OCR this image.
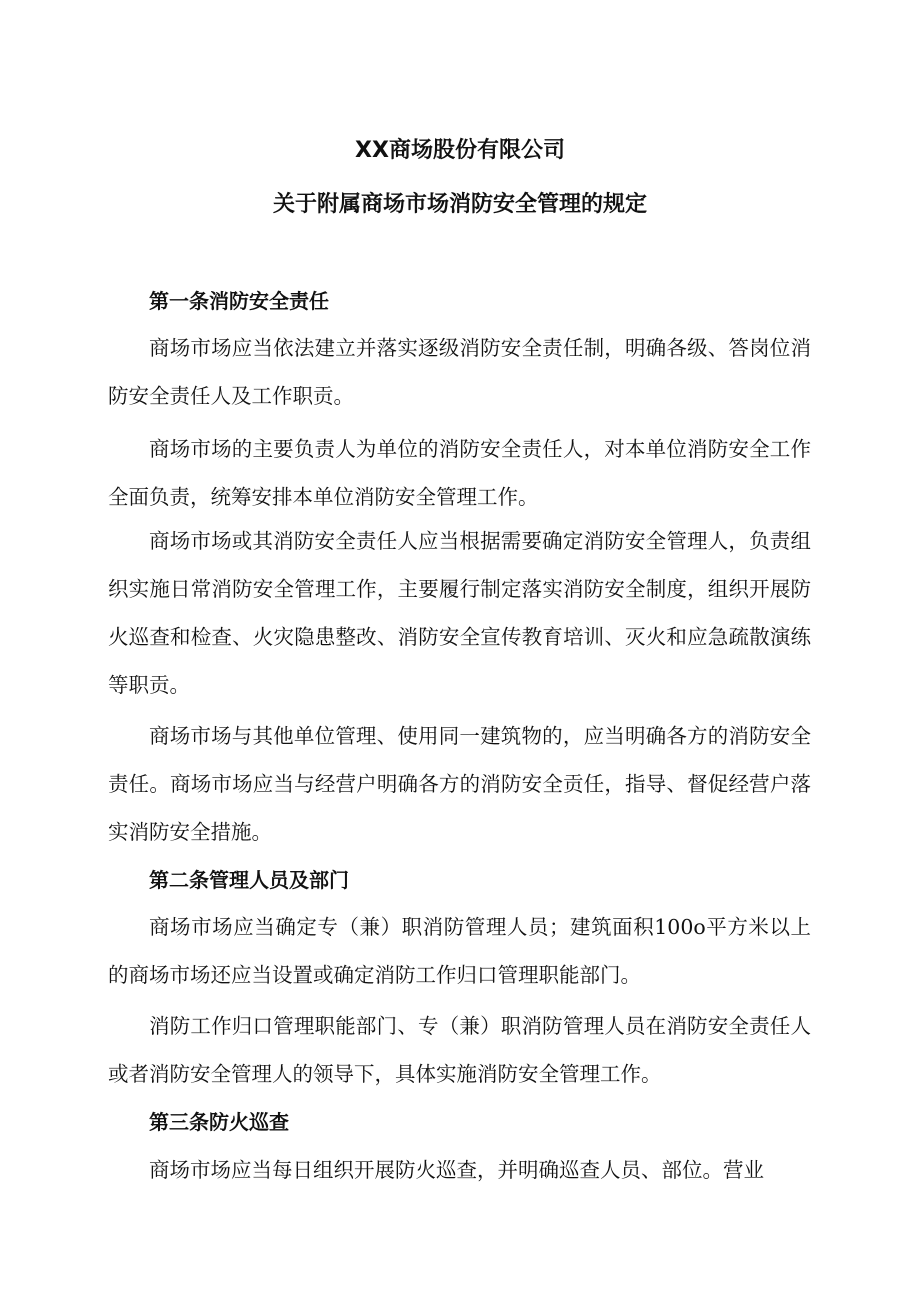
XX商场股份有限公司
关于附属商场市场消防安全管理的规定
第一条消防安全责任

商场市场应当依法建立并落实逐级消防安全责任制，明确各级、答岗位消防安全责任人及工作职贡。

商场市场的主要负责人为单位的消防安全责任人，对本单位消防安全工作全面负责，统筹安排本单位消防安全管理工作。

商场市场或其消防安全责任人应当根据需要确定消防安全管理人，负责组织实施日常消防安全管理工作，主要履行制定落实消防安全制度，组织开展防火巡查和检查、火灾隐患整改、消防安全宣传教育培训、灭火和应急疏散演练等职贡。

商场市场与其他单位管理、使用同一建筑物的，应当明确各方的消防安全责任。商场市场应当与经营户明确各方的消防安全贡任，指导、督促经营户落实消防安全措施。

第二条管理人员及部门

商场市场应当确定专（兼）职消防管理人员；建筑面积100o平方米以上的商场市场还应当设置或确定消防工作归口管理职能部门。

消防工作归口管理职能部门、专（兼）职消防管理人员在消防安全责任人或者消防安全管理人的领导下，具体实施消防安全管理工作。

第三条防火巡查

商场市场应当每日组织开展防火巡查，并明确巡查人员、部位。营业
